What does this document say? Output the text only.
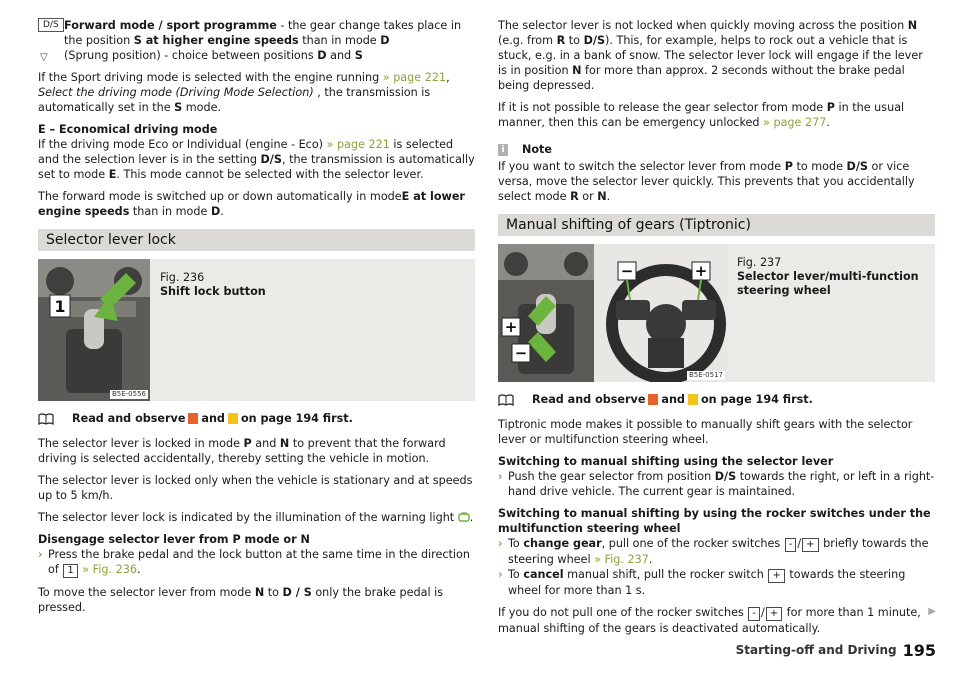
D/S Forward mode / sport programme - the gear change takes place in the position S at higher engine speeds than in mode D

▽ (Sprung position) - choice between positions D and S

If the Sport driving mode is selected with the engine running » page 221, Select the driving mode (Driving Mode Selection) , the transmission is automatically set in the S mode.

E – Economical driving mode
If the driving mode Eco or Individual (engine - Eco) » page 221 is selected and the selection lever is in the setting D/S, the transmission is automatically set to mode E. This mode cannot be selected with the selector lever.

The forward mode is switched up or down automatically in modeE at lower engine speeds than in mode D.

Selector lever lock
1
B5E-0556
Fig. 236
Shift lock button
Read and observe and on page 194 first.

The selector lever is locked in mode P and N to prevent that the forward driving is selected accidentally, thereby setting the vehicle in motion.

The selector lever is locked only when the vehicle is stationary and at speeds up to 5 km/h.

The selector lever lock is indicated by the illumination of the warning light .

Disengage selector lever from P mode or N

› Press the brake pedal and the lock button at the same time in the direction of 1 » Fig. 236.

To move the selector lever from mode N to D / S only the brake pedal is pressed.

The selector lever is not locked when quickly moving across the position N (e.g. from R to D/S). This, for example, helps to rock out a vehicle that is stuck, e.g. in a bank of snow. The selector lever lock will engage if the lever is in position N for more than approx. 2 seconds without the brake pedal being depressed.

If it is not possible to release the gear selector from mode P in the usual manner, then this can be emergency unlocked » page 277.

i	Note

If you want to switch the selector lever from mode P to mode D/S or vice versa, move the selector lever quickly. This prevents that you accidentally select mode R or N.

Manual shifting of gears (Tiptronic)
+
−
−	+
B5E-0517
Fig. 237
Selector lever/multi-function steering wheel
Read and observe and on page 194 first.

Tiptronic mode makes it possible to manually shift gears with the selector lever or multifunction steering wheel.

Switching to manual shifting using the selector lever

› Push the gear selector from position D/S towards the right, or left in a right-hand drive vehicle. The current gear is maintained.

Switching to manual shifting by using the rocker switches under the multifunction steering wheel

› To change gear, pull one of the rocker switches - / + briefly towards the steering wheel » Fig. 237.

› To cancel manual shift, pull the rocker switch + towards the steering wheel for more than 1 s.

If you do not pull one of the rocker switches - / + for more than 1 minute, manual shifting of the gears is deactivated automatically.

▶
Starting-off and Driving 195
